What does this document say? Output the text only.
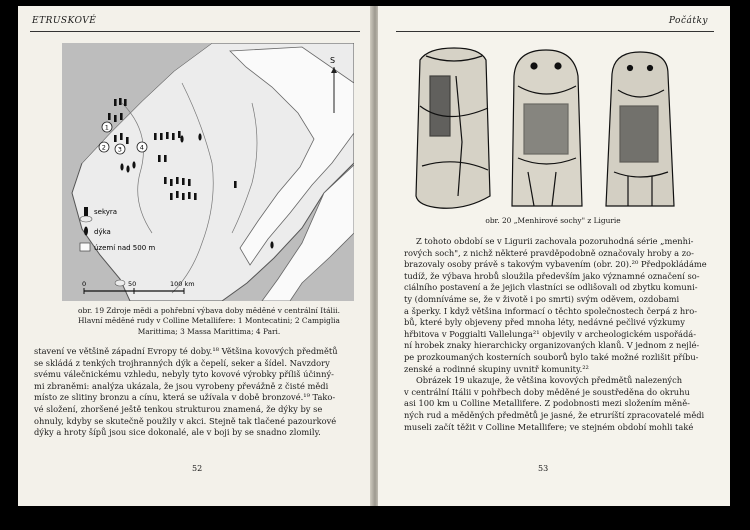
ETRUSKOVÉ
S
1
2 3	4
sekyra
dýka
území nad 500 m
0	50	100 km
obr. 19 Zdroje mědi a pohřební výbava doby měděné v centrální Itálii. Hlavní měděné rudy v Colline Metallifere: 1 Montecatini; 2 Campiglia Marittima; 3 Massa Marittima; 4 Pari.

stavení ve většině západní Evropy té doby.¹⁸ Většina kovových předmětů

se skládá z tenkých trojhranných dýk a čepelí, seker a šídel. Navzdory

svému válečnickému vzhledu, nebyly tyto kovové výrobky příliš účinný-

mi zbraněmi: analýza ukázala, že jsou vyrobeny převážně z čisté mědi

místo ze slitiny bronzu a cínu, která se užívala v době bronzové.¹⁹ Tako-

vé složení, zhoršené ještě tenkou strukturou znamená, že dýky by se

ohnuly, kdyby se skutečně použily v akci. Stejně tak tlačené pazourkové

dýky a hroty šípů jsou sice dokonalé, ale v boji by se snadno zlomily.

52
Počátky
obr. 20 „Menhirové sochy" z Ligurie

Z tohoto období se v Ligurii zachovala pozoruhodná série „menhi-

rových soch", z nichž některé pravděpodobně označovaly hroby a zo-

brazovaly osoby právě s takovým vybavením (obr. 20).²⁰ Předpokládáme

tudíž, že výbava hrobů sloužila především jako významné označení so-

ciálního postavení a že jejich vlastníci se odlišovali od zbytku komuni-

ty (domníváme se, že v životě i po smrti) svým oděvem, ozdobami

a šperky. I když většina informací o těchto společnostech čerpá z hro-

bů, které byly objeveny před mnoha léty, nedávné pečlivé výzkumy

hřbitova v Poggialti Vallelunga²¹ objevily v archeologickém uspořádá-

ní hrobek znaky hierarchicky organizovaných klanů. V jednom z nejlé-

pe prozkoumaných kosterních souborů bylo také možné rozlišit příbu-

zenské a rodinné skupiny uvnitř komunity.²²

Obrázek 19 ukazuje, že většina kovových předmětů nalezených

v centrální Itálii v pohřbech doby měděné je soustředěna do okruhu

asi 100 km u Colline Metallifere. Z podobnosti mezi složením měně-

ných rud a měděných předmětů je jasné, že etruríští zpracovatelé mědi

museli začít těžit v Colline Metallifere; ve stejném období mohli také

53
